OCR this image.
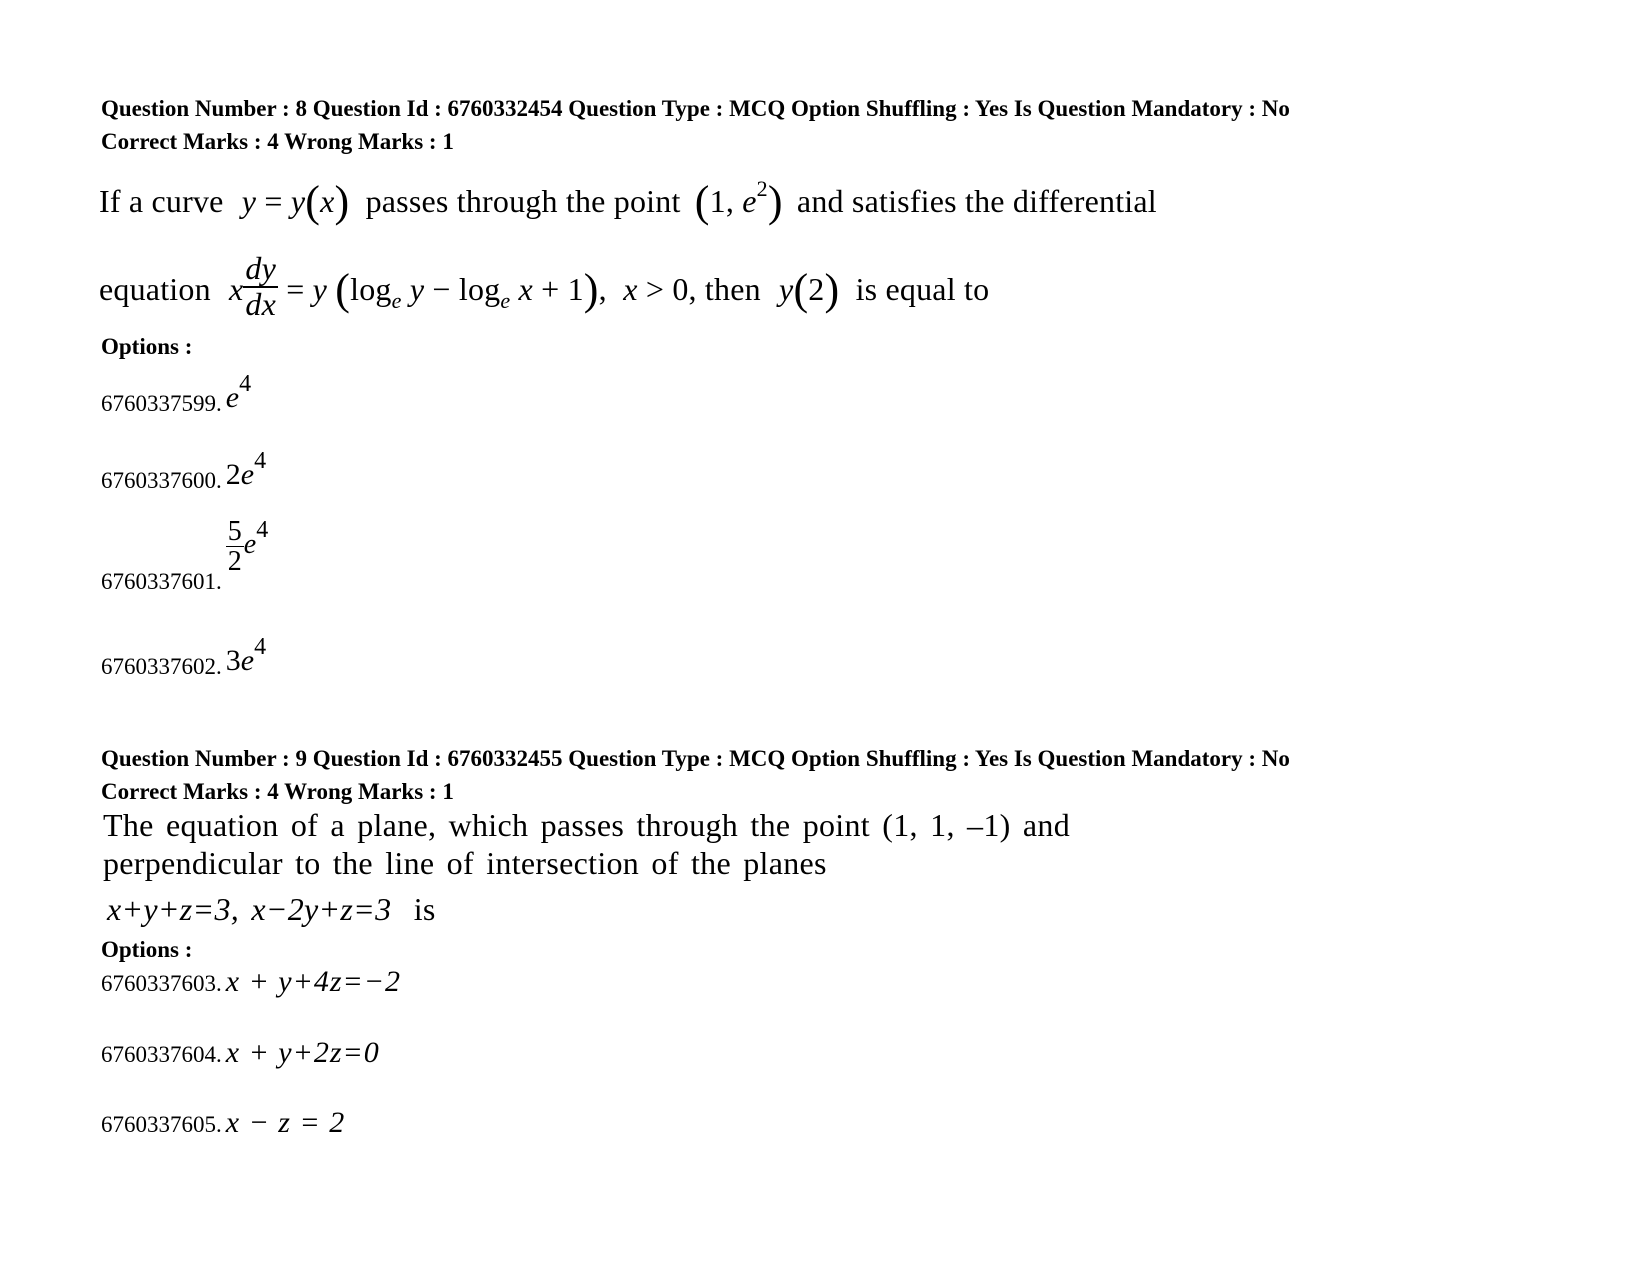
Question Number : 8 Question Id : 6760332454 Question Type : MCQ Option Shuffling : Yes Is Question Mandatory : No
Correct Marks : 4 Wrong Marks : 1
If a curve y = y(x) passes through the point (1, $e^2$) and satisfies the differential
equation x $\frac{dy}{dx} = y$ ($\log_e$ $y - \log_e x + 1$),  x > 0, then y(2) is equal to
Options :
6760337599. e4
6760337600. 2e4
6760337601.
$\frac{5}{2} e4$
6760337602. 3e4
Question Number : 9 Question Id : 6760332455 Question Type : MCQ Option Shuffling : Yes Is Question Mandatory : No
Correct Marks : 4 Wrong Marks : 1
The equation of a plane, which passes through the point (1, 1, –1) and
perpendicular to the line of intersection of the planes
x+y+z=3, x−2y+z=3 is
Options :
6760337603. x + y+4z=−2
6760337604. x + y+2z=0
6760337605. x − z = 2
